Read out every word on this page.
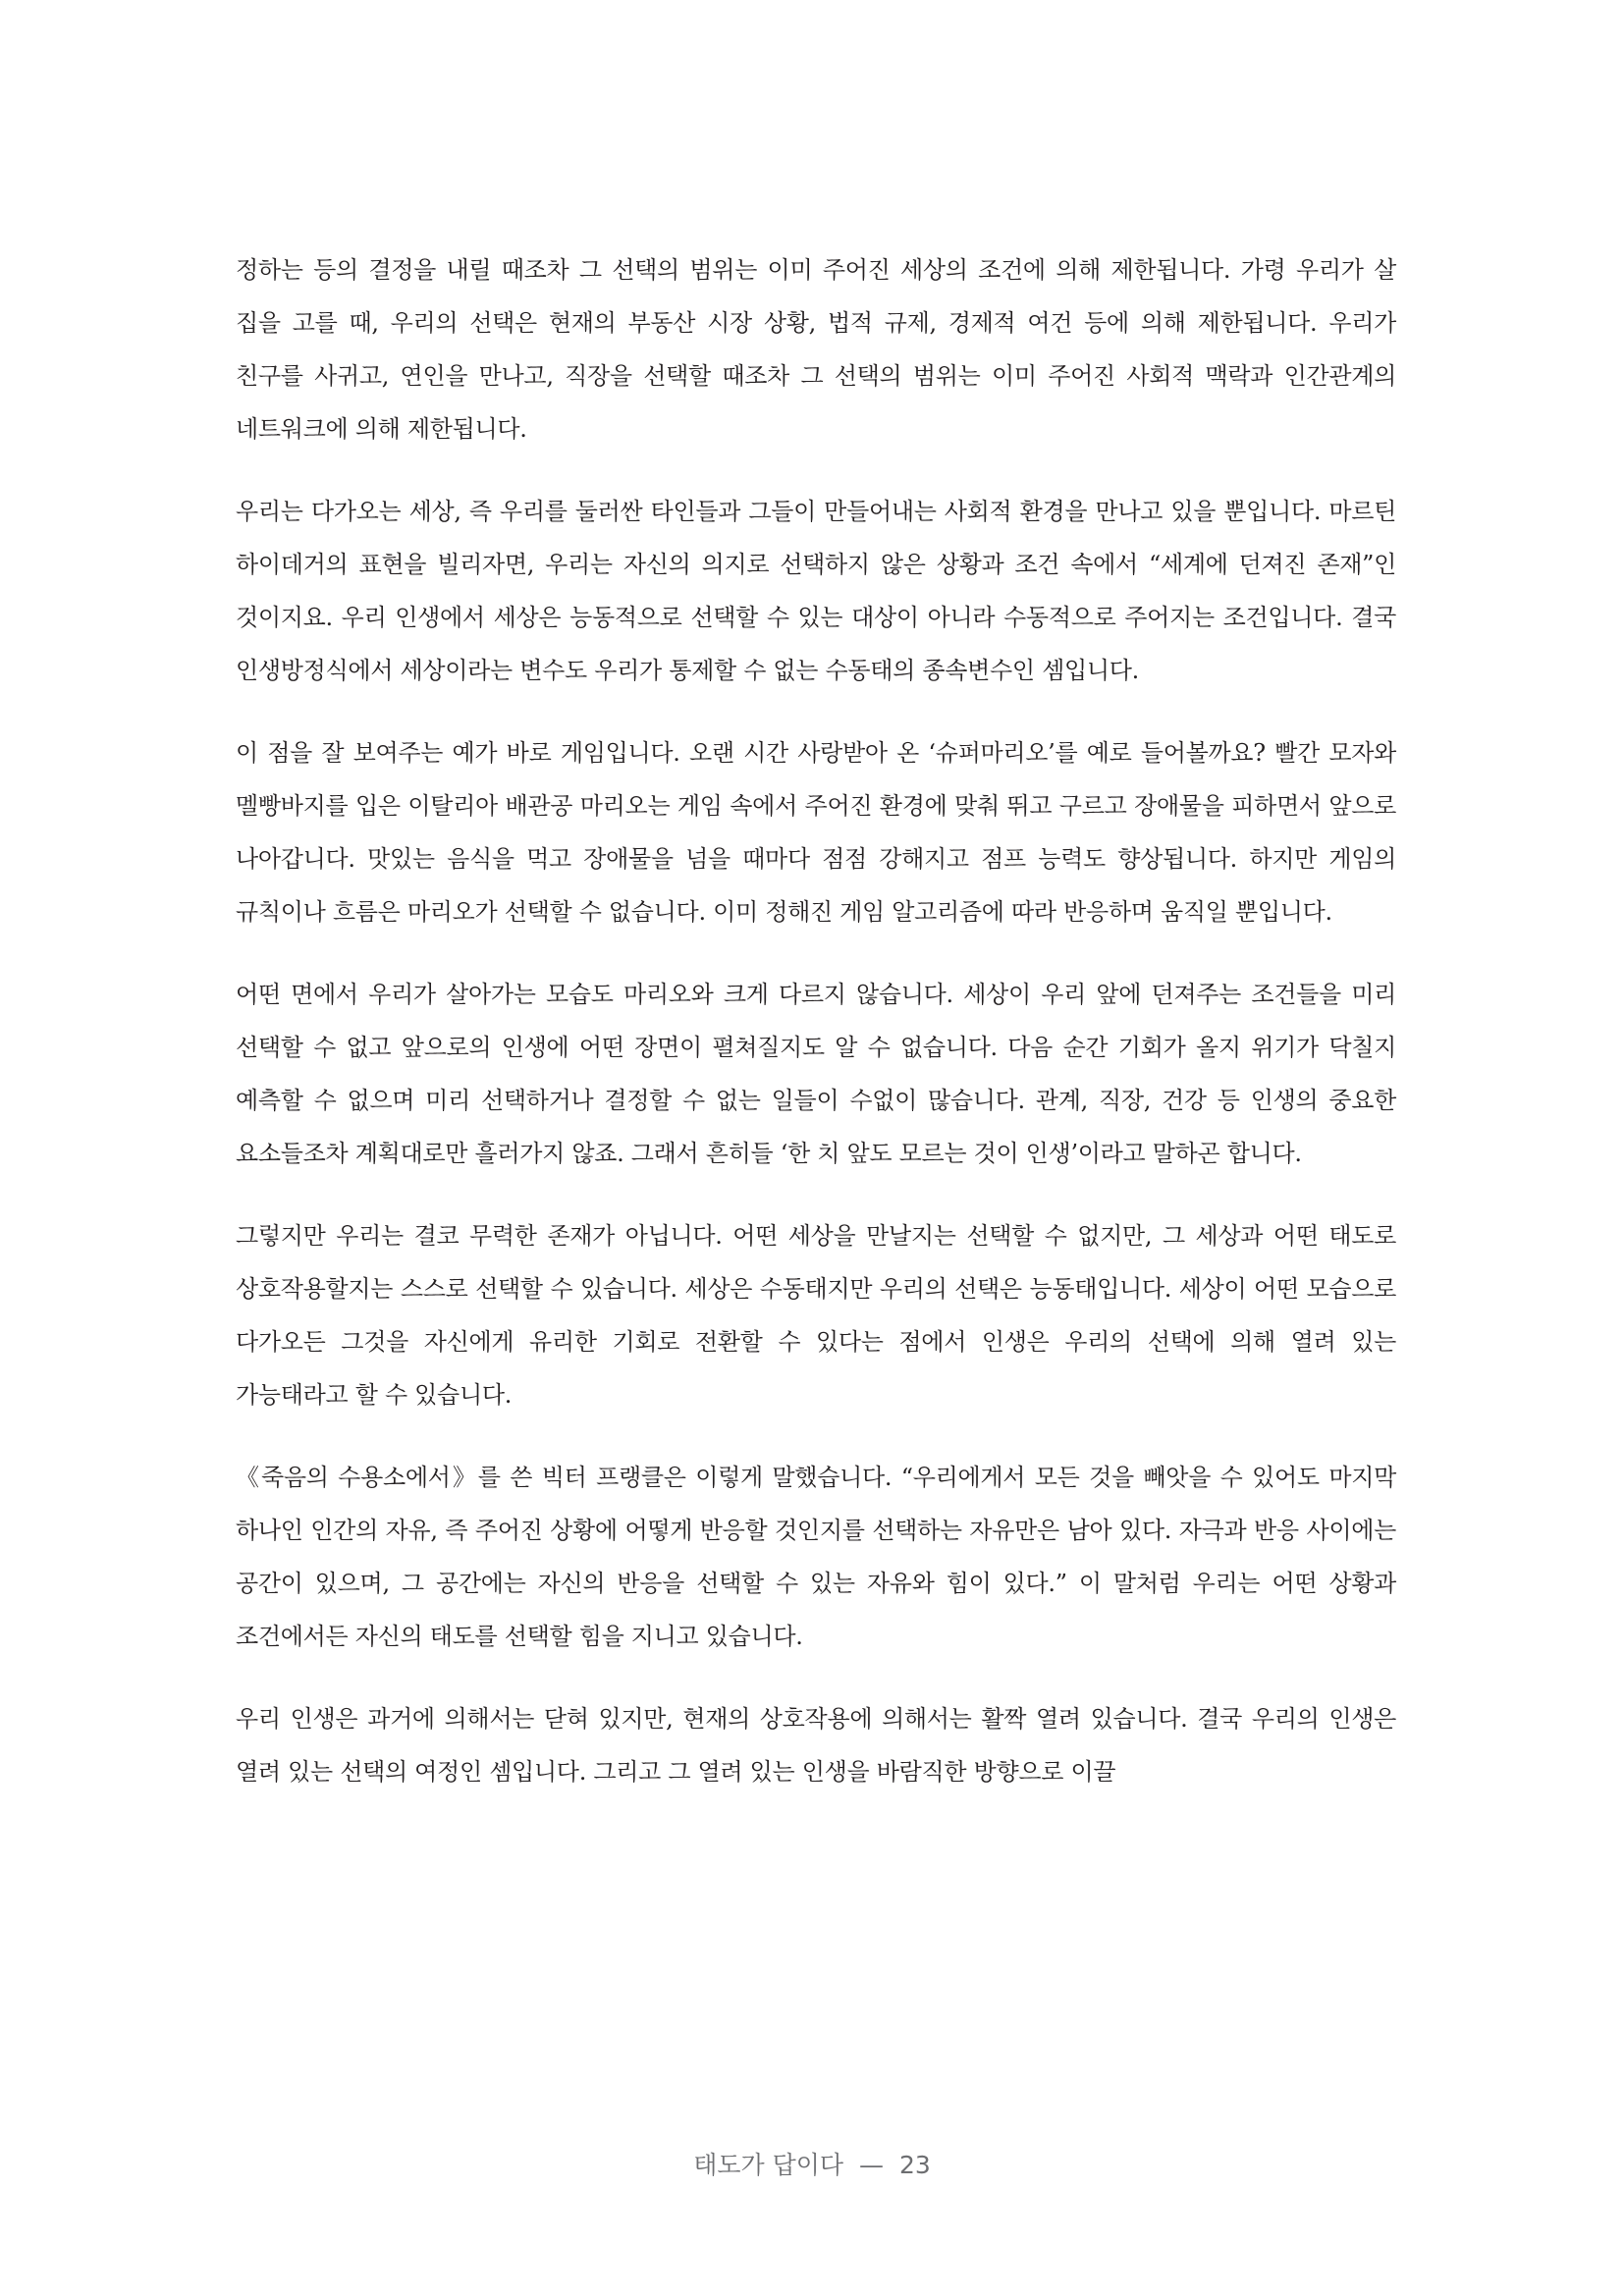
정하는 등의 결정을 내릴 때조차 그 선택의 범위는 이미 주어진 세상의 조건에 의해 제한됩니다. 가령 우리가 살 집을 고를 때, 우리의 선택은 현재의 부동산 시장 상황, 법적 규제, 경제적 여건 등에 의해 제한됩니다. 우리가 친구를 사귀고, 연인을 만나고, 직장을 선택할 때조차 그 선택의 범위는 이미 주어진 사회적 맥락과 인간관계의 네트워크에 의해 제한됩니다.

우리는 다가오는 세상, 즉 우리를 둘러싼 타인들과 그들이 만들어내는 사회적 환경을 만나고 있을 뿐입니다. 마르틴 하이데거의 표현을 빌리자면, 우리는 자신의 의지로 선택하지 않은 상황과 조건 속에서 “세계에 던져진 존재”인 것이지요. 우리 인생에서 세상은 능동적으로 선택할 수 있는 대상이 아니라 수동적으로 주어지는 조건입니다. 결국 인생방정식에서 세상이라는 변수도 우리가 통제할 수 없는 수동태의 종속변수인 셈입니다.

이 점을 잘 보여주는 예가 바로 게임입니다. 오랜 시간 사랑받아 온 ‘슈퍼마리오’를 예로 들어볼까요? 빨간 모자와 멜빵바지를 입은 이탈리아 배관공 마리오는 게임 속에서 주어진 환경에 맞춰 뛰고 구르고 장애물을 피하면서 앞으로 나아갑니다. 맛있는 음식을 먹고 장애물을 넘을 때마다 점점 강해지고 점프 능력도 향상됩니다. 하지만 게임의 규칙이나 흐름은 마리오가 선택할 수 없습니다. 이미 정해진 게임 알고리즘에 따라 반응하며 움직일 뿐입니다.

어떤 면에서 우리가 살아가는 모습도 마리오와 크게 다르지 않습니다. 세상이 우리 앞에 던져주는 조건들을 미리 선택할 수 없고 앞으로의 인생에 어떤 장면이 펼쳐질지도 알 수 없습니다. 다음 순간 기회가 올지 위기가 닥칠지 예측할 수 없으며 미리 선택하거나 결정할 수 없는 일들이 수없이 많습니다. 관계, 직장, 건강 등 인생의 중요한 요소들조차 계획대로만 흘러가지 않죠. 그래서 흔히들 ‘한 치 앞도 모르는 것이 인생’이라고 말하곤 합니다.

그렇지만 우리는 결코 무력한 존재가 아닙니다. 어떤 세상을 만날지는 선택할 수 없지만, 그 세상과 어떤 태도로 상호작용할지는 스스로 선택할 수 있습니다. 세상은 수동태지만 우리의 선택은 능동태입니다. 세상이 어떤 모습으로 다가오든 그것을 자신에게 유리한 기회로 전환할 수 있다는 점에서 인생은 우리의 선택에 의해 열려 있는 가능태라고 할 수 있습니다.

《죽음의 수용소에서》를 쓴 빅터 프랭클은 이렇게 말했습니다. “우리에게서 모든 것을 빼앗을 수 있어도 마지막 하나인 인간의 자유, 즉 주어진 상황에 어떻게 반응할 것인지를 선택하는 자유만은 남아 있다. 자극과 반응 사이에는 공간이 있으며, 그 공간에는 자신의 반응을 선택할 수 있는 자유와 힘이 있다.” 이 말처럼 우리는 어떤 상황과 조건에서든 자신의 태도를 선택할 힘을 지니고 있습니다.

우리 인생은 과거에 의해서는 닫혀 있지만, 현재의 상호작용에 의해서는 활짝 열려 있습니다. 결국 우리의 인생은 열려 있는 선택의 여정인 셈입니다. 그리고 그 열려 있는 인생을 바람직한 방향으로 이끌

태도가 답이다 — 23
